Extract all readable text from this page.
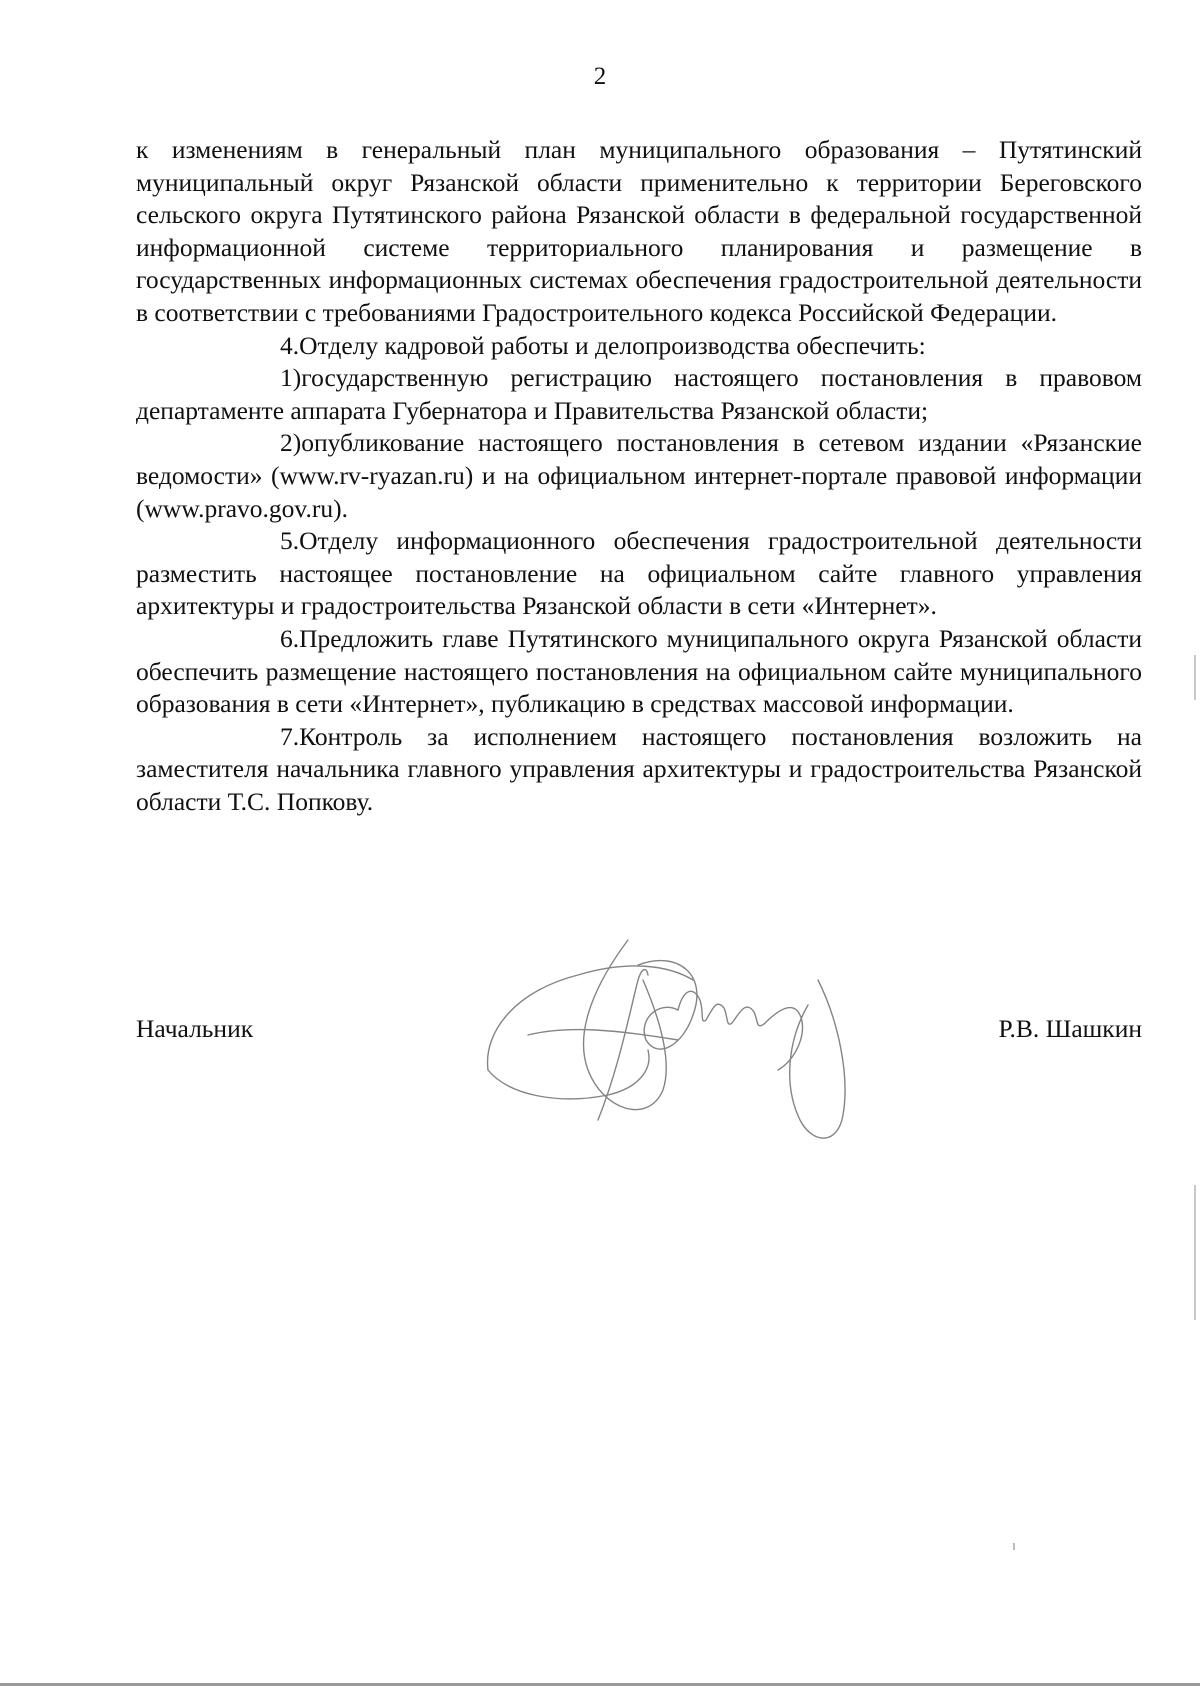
2

к изменениям в генеральный план муниципального образования – Путятинский муниципальный округ Рязанской области применительно к территории Береговского сельского округа Путятинского района Рязанской области в федеральной государственной информационной системе территориального планирования и размещение в государственных информационных системах обеспечения градостроительной деятельности в соответствии с требованиями Градостроительного кодекса Российской Федерации.

4.Отделу кадровой работы и делопроизводства обеспечить:

1)государственную регистрацию настоящего постановления в правовом департаменте аппарата Губернатора и Правительства Рязанской области;

2)опубликование настоящего постановления в сетевом издании «Рязанские ведомости» (www.rv-ryazan.ru) и на официальном интернет-портале правовой информации (www.pravo.gov.ru).

5.Отделу информационного обеспечения градостроительной деятельности разместить настоящее постановление на официальном сайте главного управления архитектуры и градостроительства Рязанской области в сети «Интернет».

6.Предложить главе Путятинского муниципального округа Рязанской области обеспечить размещение настоящего постановления на официальном сайте муниципального образования в сети «Интернет», публикацию в средствах массовой информации.

7.Контроль за исполнением настоящего постановления возложить на заместителя начальника главного управления архитектуры и градостроительства Рязанской области Т.С. Попкову.

Начальник	Р.В. Шашкин
